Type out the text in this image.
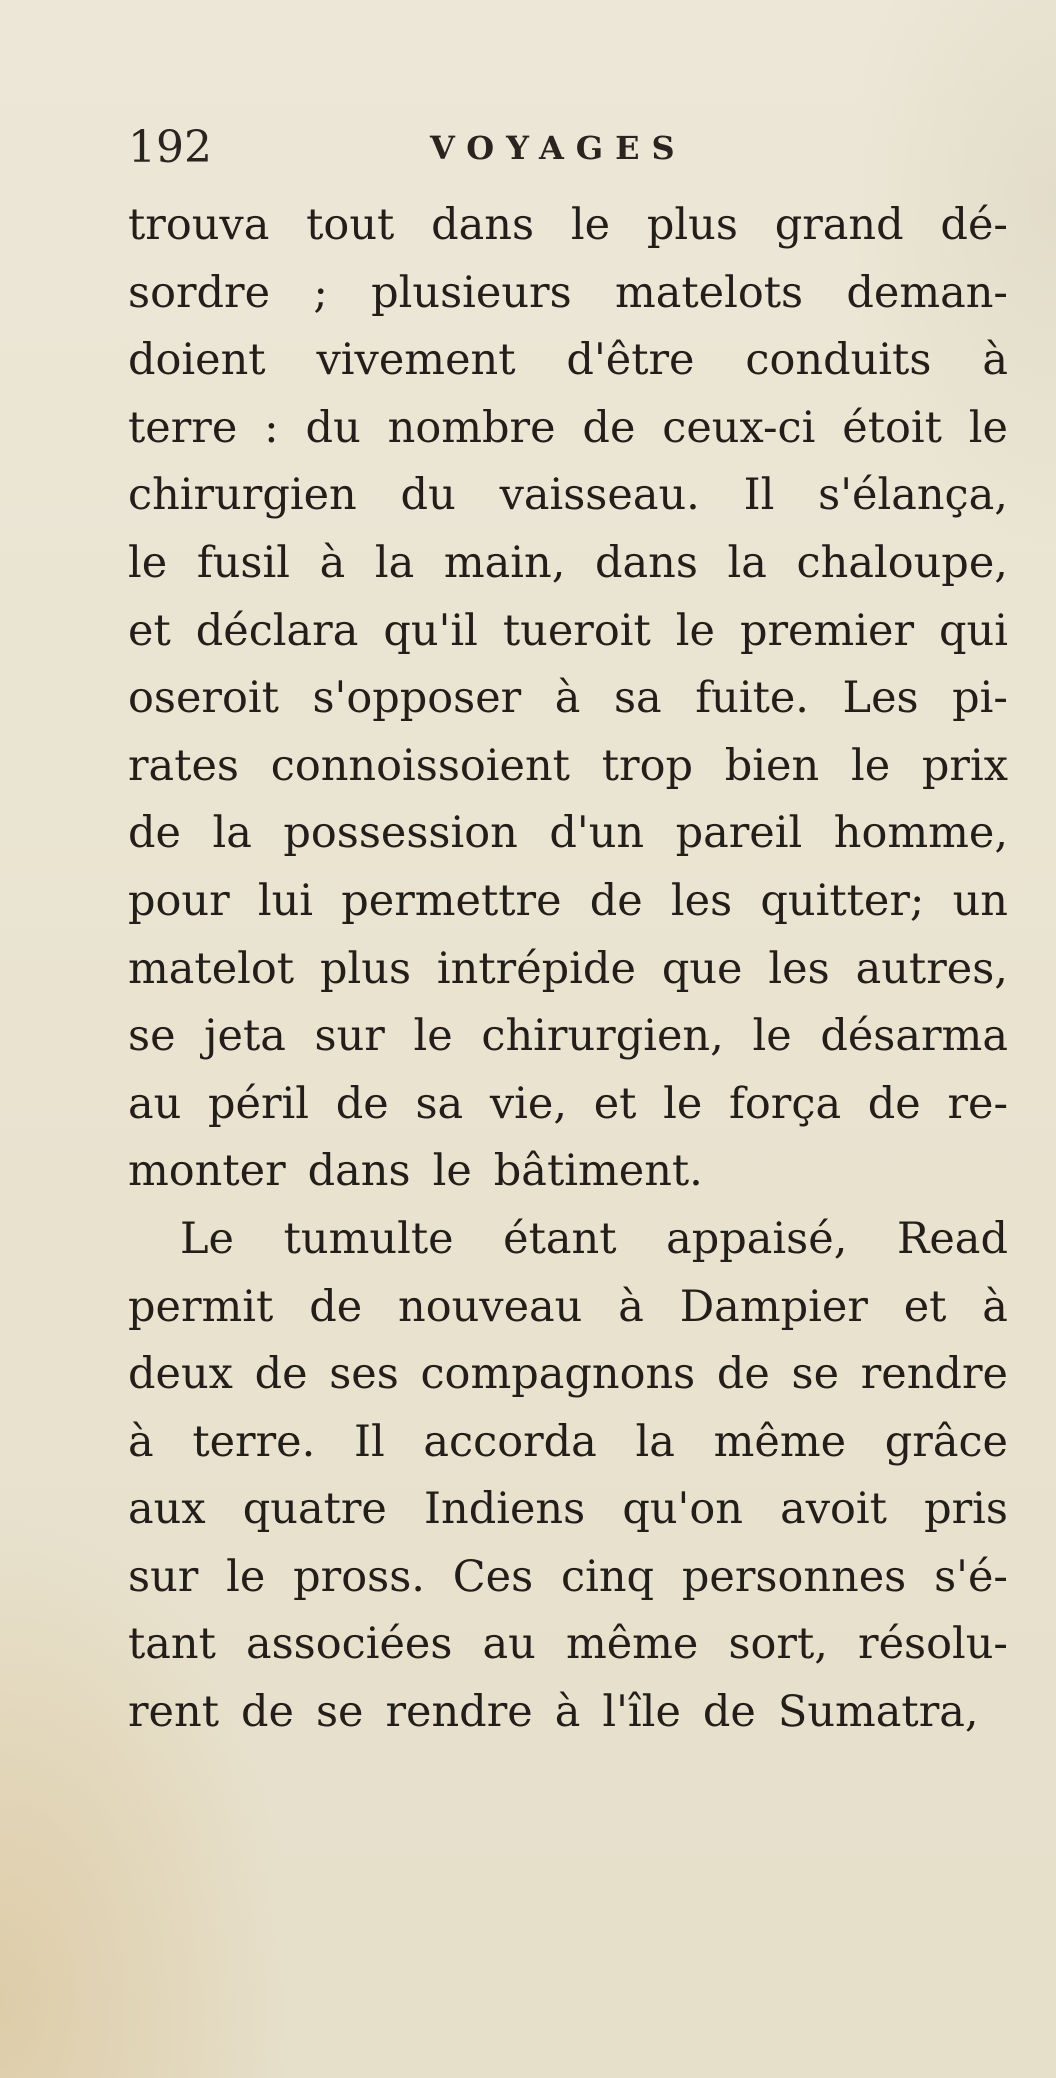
192	VOYAGES
trouva tout dans le plus grand dé-
sordre ; plusieurs matelots deman-
doient vivement d'être conduits à
terre : du nombre de ceux-ci étoit le
chirurgien du vaisseau. Il s'élança,
le fusil à la main, dans la chaloupe,
et déclara qu'il tueroit le premier qui
oseroit s'opposer à sa fuite. Les pi-
rates connoissoient trop bien le prix
de la possession d'un pareil homme,
pour lui permettre de les quitter; un
matelot plus intrépide que les autres,
se jeta sur le chirurgien, le désarma
au péril de sa vie, et le força de re-
monter dans le bâtiment.
Le tumulte étant appaisé, Read
permit de nouveau à Dampier et à
deux de ses compagnons de se rendre
à terre. Il accorda la même grâce
aux quatre Indiens qu'on avoit pris
sur le pross. Ces cinq personnes s'é-
tant associées au même sort, résolu-
rent de se rendre à l'île de Sumatra,
